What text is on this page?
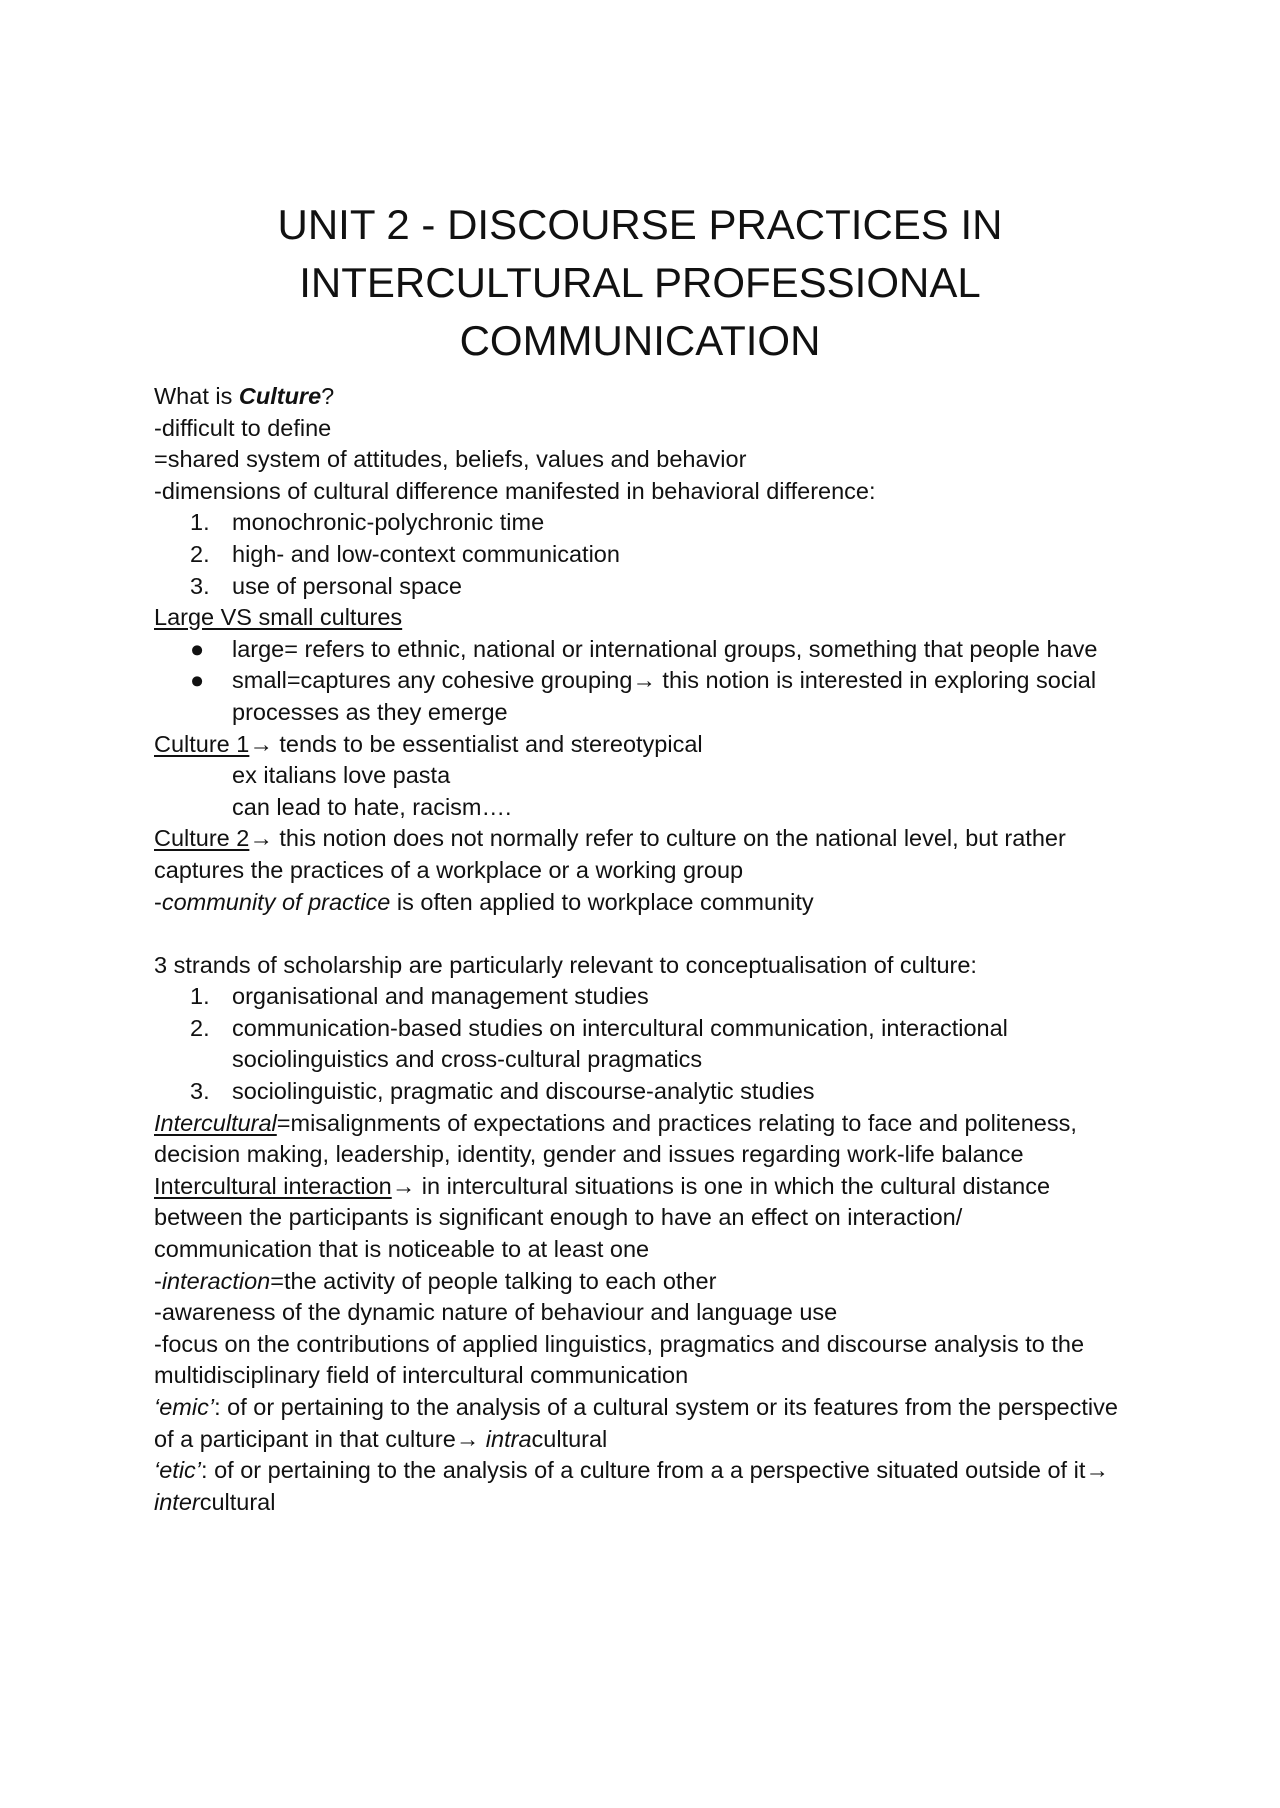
UNIT 2 - DISCOURSE PRACTICES IN
INTERCULTURAL PROFESSIONAL
COMMUNICATION
What is Culture?
-difficult to define
=shared system of attitudes, beliefs, values and behavior
-dimensions of cultural difference manifested in behavioral difference:
1. monochronic-polychronic time
2. high- and low-context communication
3. use of personal space
Large VS small cultures
●	large= refers to ethnic, national or international groups, something that people have
●	small=captures any cohesive grouping→ this notion is interested in exploring social
processes as they emerge
Culture 1→ tends to be essentialist and stereotypical
ex italians love pasta
can lead to hate, racism….
Culture 2→ this notion does not normally refer to culture on the national level, but rather
captures the practices of a workplace or a working group
-community of practice is often applied to workplace community
3 strands of scholarship are particularly relevant to conceptualisation of culture:
1. organisational and management studies
2. communication-based studies on intercultural communication, interactional
sociolinguistics and cross-cultural pragmatics
3. sociolinguistic, pragmatic and discourse-analytic studies
Intercultural=misalignments of expectations and practices relating to face and politeness,
decision making, leadership, identity, gender and issues regarding work-life balance
Intercultural interaction→ in intercultural situations is one in which the cultural distance
between the participants is significant enough to have an effect on interaction/
communication that is noticeable to at least one
-interaction=the activity of people talking to each other
-awareness of the dynamic nature of behaviour and language use
-focus on the contributions of applied linguistics, pragmatics and discourse analysis to the
multidisciplinary field of intercultural communication
‘emic’: of or pertaining to the analysis of a cultural system or its features from the perspective
of a participant in that culture→ intracultural
‘etic’: of or pertaining to the analysis of a culture from a a perspective situated outside of it→
intercultural
